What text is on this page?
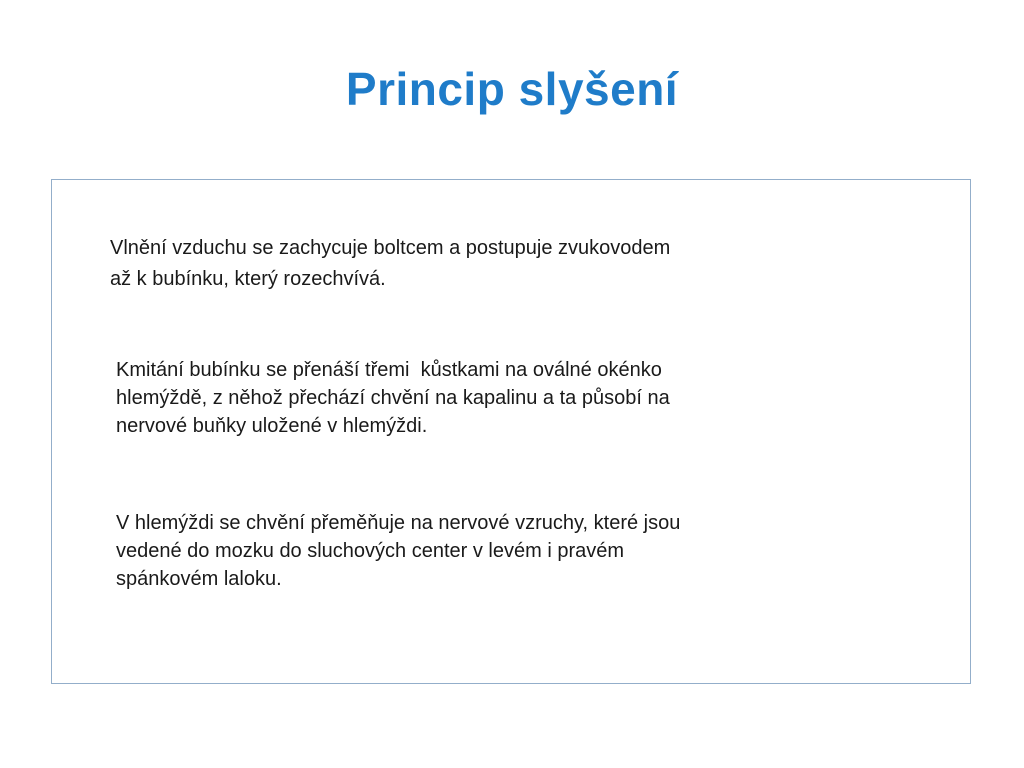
Princip slyšení

Vlnění vzduchu se zachycuje boltcem a postupuje zvukovodem
až k bubínku, který rozechvívá.

Kmitání bubínku se přenáší třemi  kůstkami na oválné okénko
hlemýždě, z něhož přechází chvění na kapalinu a ta působí na
nervové buňky uložené v hlemýždi.

V hlemýždi se chvění přeměňuje na nervové vzruchy, které jsou
vedené do mozku do sluchových center v levém i pravém
spánkovém laloku.
